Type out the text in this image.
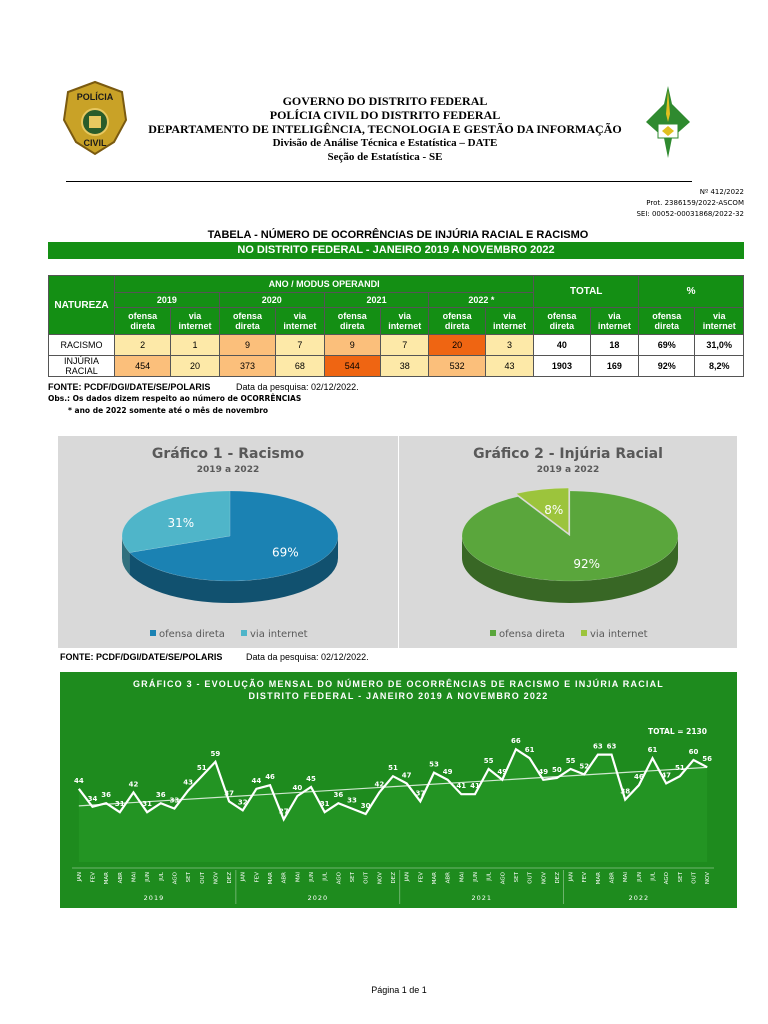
POLÍCIA
CIVIL
GOVERNO DO DISTRITO FEDERAL
POLÍCIA CIVIL DO DISTRITO FEDERAL
DEPARTAMENTO DE INTELIGÊNCIA, TECNOLOGIA E GESTÃO DA INFORMAÇÃO
Divisão de Análise Técnica e Estatística – DATE
Seção de Estatística - SE
Nº 412/2022
Prot. 2386159/2022-ASCOM
SEI: 00052-00031868/2022-32
TABELA - NÚMERO DE OCORRÊNCIAS DE INJÚRIA RACIAL E RACISMO
NO DISTRITO FEDERAL - JANEIRO 2019 A NOVEMBRO 2022
NATUREZA	ANO / MODUS OPERANDI								TOTAL		%	
	2019		2020		2021		2022 *					
	ofensa direta	via internet	ofensa direta	via internet	ofensa direta	via internet	ofensa direta	via internet	ofensa direta	via internet	ofensa direta	via internet
RACISMO	2	1	9	7	9	7	20	3	40	18	69%	31,0%
INJÚRIA RACIAL	454	20	373	68	544	38	532	43	1903	169	92%	8,2%
FONTE: PCDF/DGI/DATE/SE/POLARIS	Data da pesquisa: 02/12/2022.
Obs.: Os dados dizem respeito ao número de OCORRÊNCIAS
* ano de 2022 somente até o mês de novembro
Gráfico 1 - Racismo
2019 a 2022
69%
31%
ofensa direta	via internet
Gráfico 2 - Injúria Racial
2019 a 2022
92%
8%
ofensa direta	via internet
FONTE: PCDF/DGI/DATE/SE/POLARIS	Data da pesquisa: 02/12/2022.
GRÁFICO 3 - EVOLUÇÃO MENSAL DO NÚMERO DE OCORRÊNCIAS DE RACISMO E INJÚRIA RACIAL
DISTRITO FEDERAL - JANEIRO 2019 A NOVEMBRO 2022
TOTAL = 2130
44
34 36
31
42
31
36
33
43
51
59
37
32
44 46
27
40
45
31
36
33
30
42
51
47
37
53
49
41 41
55
49
66
61
49 50
55
52
63 63
38
46
61
47
51
60
56
JAN FEV MAR ABR MAI JUN JUL AGO SET OUT NOV DEZ JAN FEV MAR ABR MAI JUN JUL AGO SET OUT NOV DEZ JAN FEV MAR ABR MAI JUN JUL AGO SET OUT NOV DEZ JAN FEV MAR ABR MAI JUN JUL AGO SET OUT NOV
2019	2020	2021	2022
Página 1 de 1
